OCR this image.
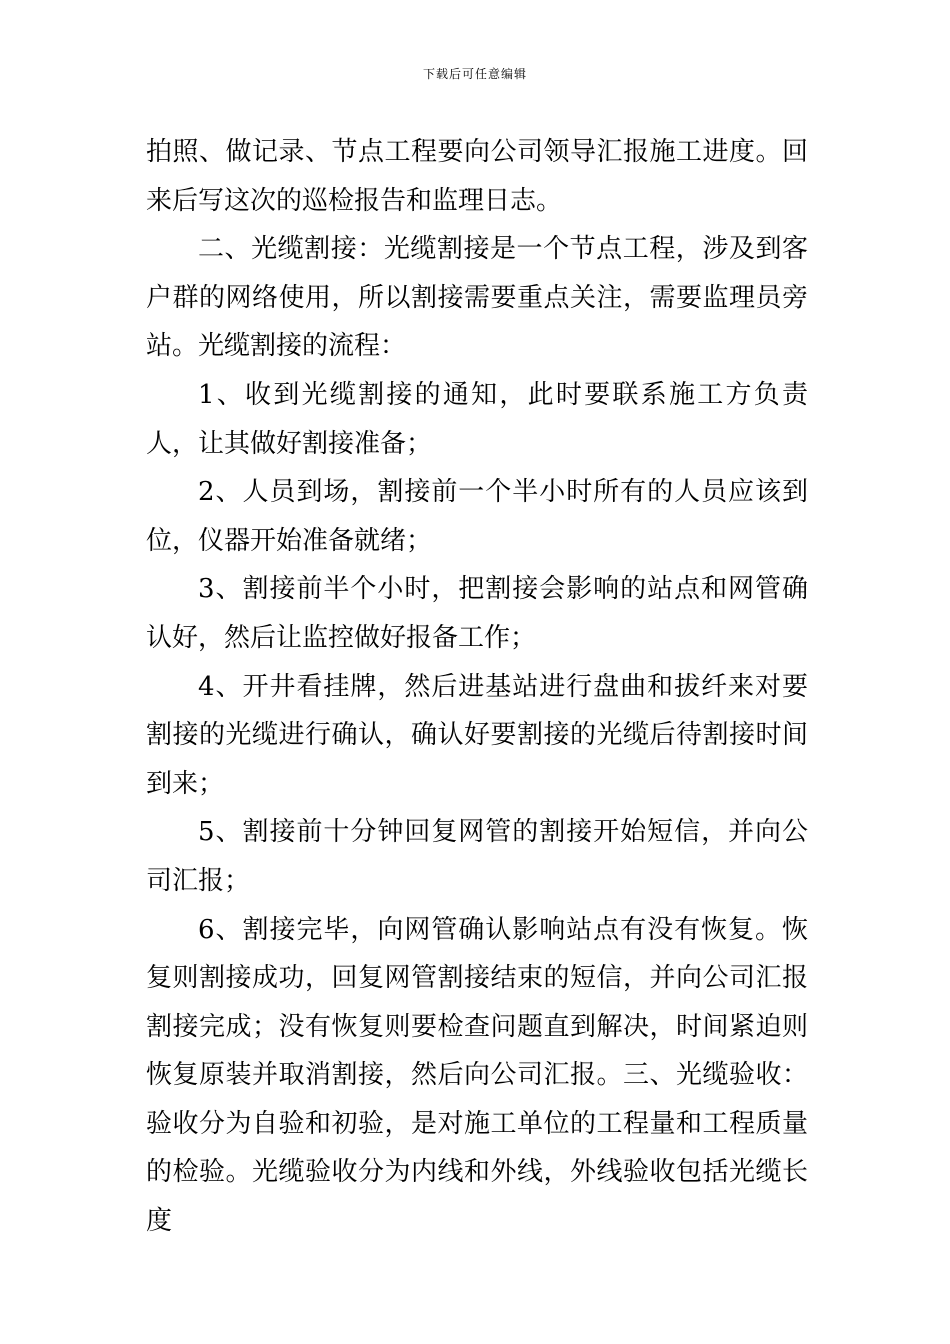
下载后可任意编辑

拍照、做记录、节点工程要向公司领导汇报施工进度。回来后写这次的巡检报告和监理日志。

二、光缆割接：光缆割接是一个节点工程，涉及到客户群的网络使用，所以割接需要重点关注，需要监理员旁站。光缆割接的流程：

1、收到光缆割接的通知，此时要联系施工方负责人，让其做好割接准备；

2、人员到场，割接前一个半小时所有的人员应该到位，仪器开始准备就绪；

3、割接前半个小时，把割接会影响的站点和网管确认好，然后让监控做好报备工作；

4、开井看挂牌，然后进基站进行盘曲和拔纤来对要割接的光缆进行确认，确认好要割接的光缆后待割接时间到来；

5、割接前十分钟回复网管的割接开始短信，并向公司汇报；

6、割接完毕，向网管确认影响站点有没有恢复。恢复则割接成功，回复网管割接结束的短信，并向公司汇报割接完成；没有恢复则要检查问题直到解决，时间紧迫则恢复原装并取消割接，然后向公司汇报。三、光缆验收：验收分为自验和初验，是对施工单位的工程量和工程质量的检验。光缆验收分为内线和外线，外线验收包括光缆长度
